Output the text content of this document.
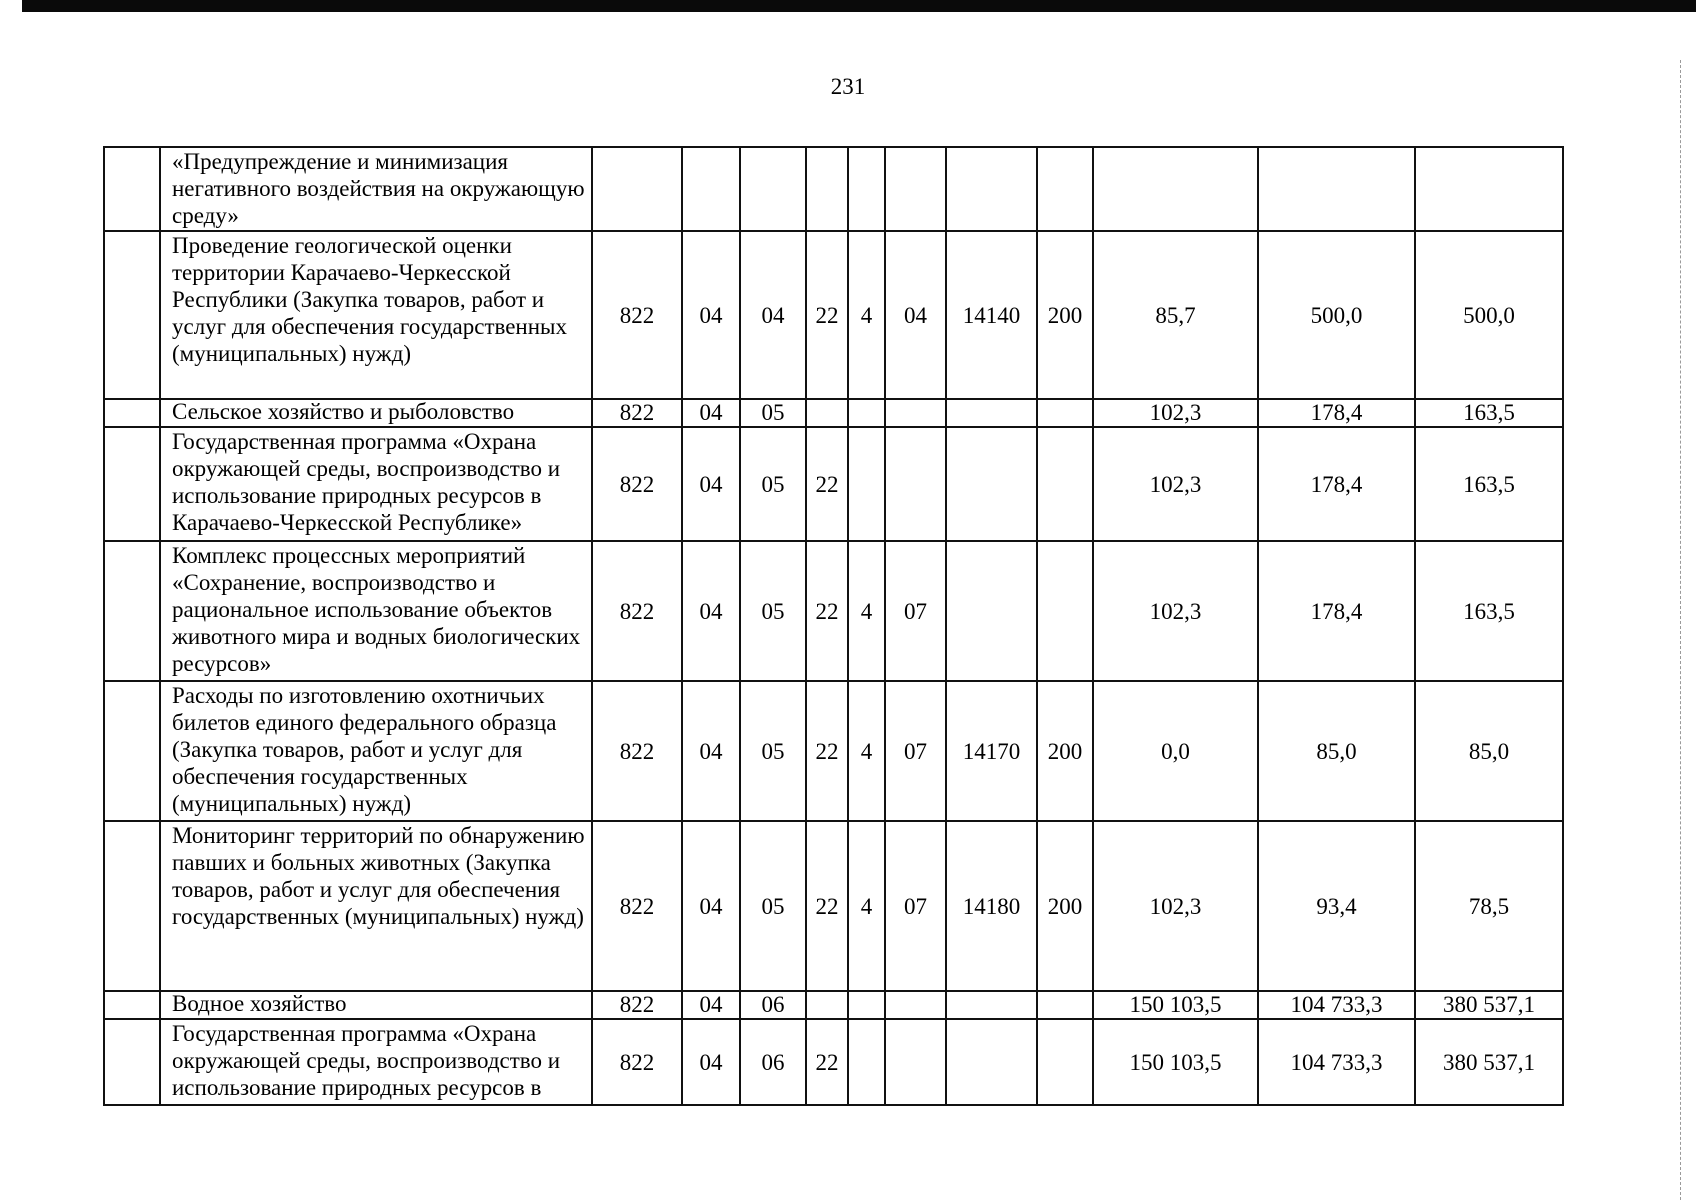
231
	«Предупреждение и минимизация негативного воздействия на окружающую среду»											
	Проведение геологической оценки территории Карачаево-Черкесской Республики (Закупка товаров, работ и услуг для обеспечения государственных (муниципальных) нужд)	822	04	04	22	4	04	14140	200	85,7	500,0	500,0
	Сельское хозяйство и рыболовство	822	04	05						102,3	178,4	163,5
	Государственная программа «Охрана окружающей среды, воспроизводство и использование природных ресурсов в Карачаево-Черкесской Республике»	822	04	05	22					102,3	178,4	163,5
	Комплекс процессных мероприятий «Сохранение, воспроизводство и рациональное использование объектов животного мира и водных биологических ресурсов»	822	04	05	22	4	07			102,3	178,4	163,5
	Расходы по изготовлению охотничьих билетов единого федерального образца (Закупка товаров, работ и услуг для обеспечения государственных (муниципальных) нужд)	822	04	05	22	4	07	14170	200	0,0	85,0	85,0
	Мониторинг территорий по обнаружению павших и больных животных (Закупка товаров, работ и услуг для обеспечения государственных (муниципальных) нужд)	822	04	05	22	4	07	14180	200	102,3	93,4	78,5
	Водное хозяйство	822	04	06						150 103,5	104 733,3	380 537,1
	Государственная программа «Охрана окружающей среды, воспроизводство и использование природных ресурсов в	822	04	06	22					150 103,5	104 733,3	380 537,1
